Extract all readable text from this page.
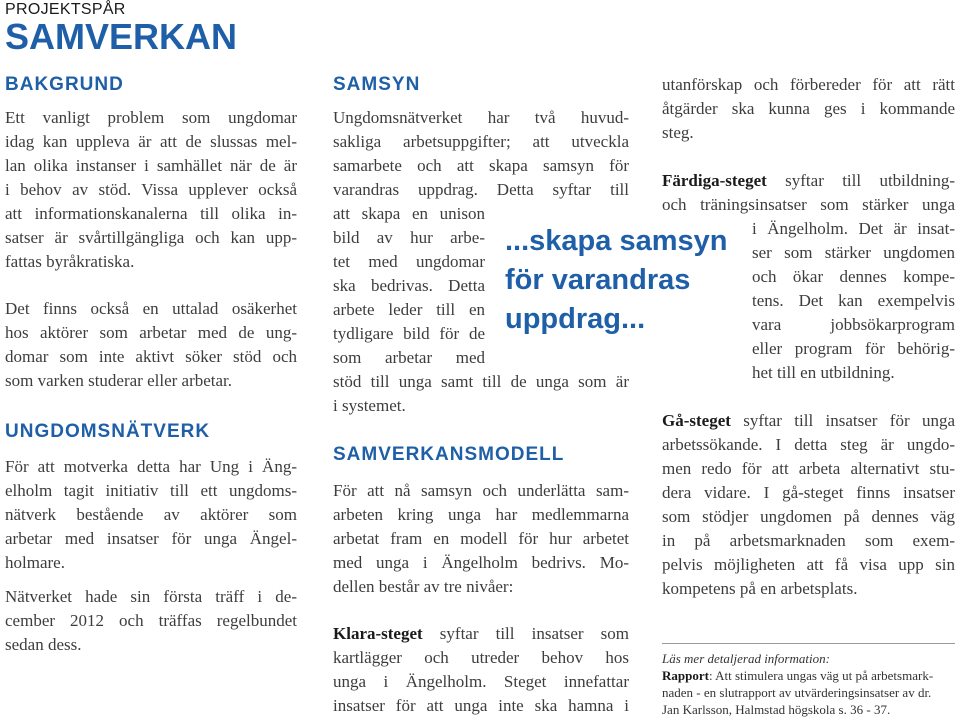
PROJEKTSPÅR
SAMVERKAN
BAKGRUND
Ett vanligt problem som ungdomar
idag kan uppleva är att de slussas mel-
lan olika instanser i samhället när de är
i behov av stöd. Vissa upplever också
att informationskanalerna till olika in-
satser är svårtillgängliga och kan upp-
fattas byråkratiska.
Det finns också en uttalad osäkerhet
hos aktörer som arbetar med de ung-
domar som inte aktivt söker stöd och
som varken studerar eller arbetar.
UNGDOMSNÄTVERK
För att motverka detta har Ung i Äng-
elholm tagit initiativ till ett ungdoms-
nätverk bestående av aktörer som
arbetar med insatser för unga Ängel-
holmare.
Nätverket hade sin första träff i de-
cember 2012 och träffas regelbundet
sedan dess.
SAMSYN
Ungdomsnätverket har två huvud-
sakliga arbetsuppgifter; att utveckla
samarbete och att skapa samsyn för
varandras uppdrag. Detta syftar till
att skapa en unison
bild av hur arbe-
tet med ungdomar
ska bedrivas. Detta
arbete leder till en
tydligare bild för de
som arbetar med
stöd till unga samt till de unga som är
i systemet.
SAMVERKANSMODELL
För att nå samsyn och underlätta sam-
arbeten kring unga har medlemmarna
arbetat fram en modell för hur arbetet
med unga i Ängelholm bedrivs. Mo-
dellen består av tre nivåer:
Klara-steget syftar till insatser som
kartlägger och utreder behov hos
unga i Ängelholm. Steget innefattar
insatser för att unga inte ska hamna i
utanförskap och förbereder för att rätt
åtgärder ska kunna ges i kommande
steg.
Färdiga-steget syftar till utbildning-
och träningsinsatser som stärker unga
i Ängelholm. Det är insat-
ser som stärker ungdomen
och ökar dennes kompe-
tens. Det kan exempelvis
vara jobbsökarprogram
eller program för behörig-
het till en utbildning.
Gå-steget syftar till insatser för unga
arbetssökande. I detta steg är ungdo-
men redo för att arbeta alternativt stu-
dera vidare. I gå-steget finns insatser
som stödjer ungdomen på dennes väg
in på arbetsmarknaden som exem-
pelvis möjligheten att få visa upp sin
kompetens på en arbetsplats.
Läs mer detaljerad information:
Rapport: Att stimulera ungas väg ut på arbetsmark-
naden - en slutrapport av utvärderingsinsatser av dr.
Jan Karlsson, Halmstad högskola s. 36 - 37.
...skapa samsyn
för varandras
uppdrag...
